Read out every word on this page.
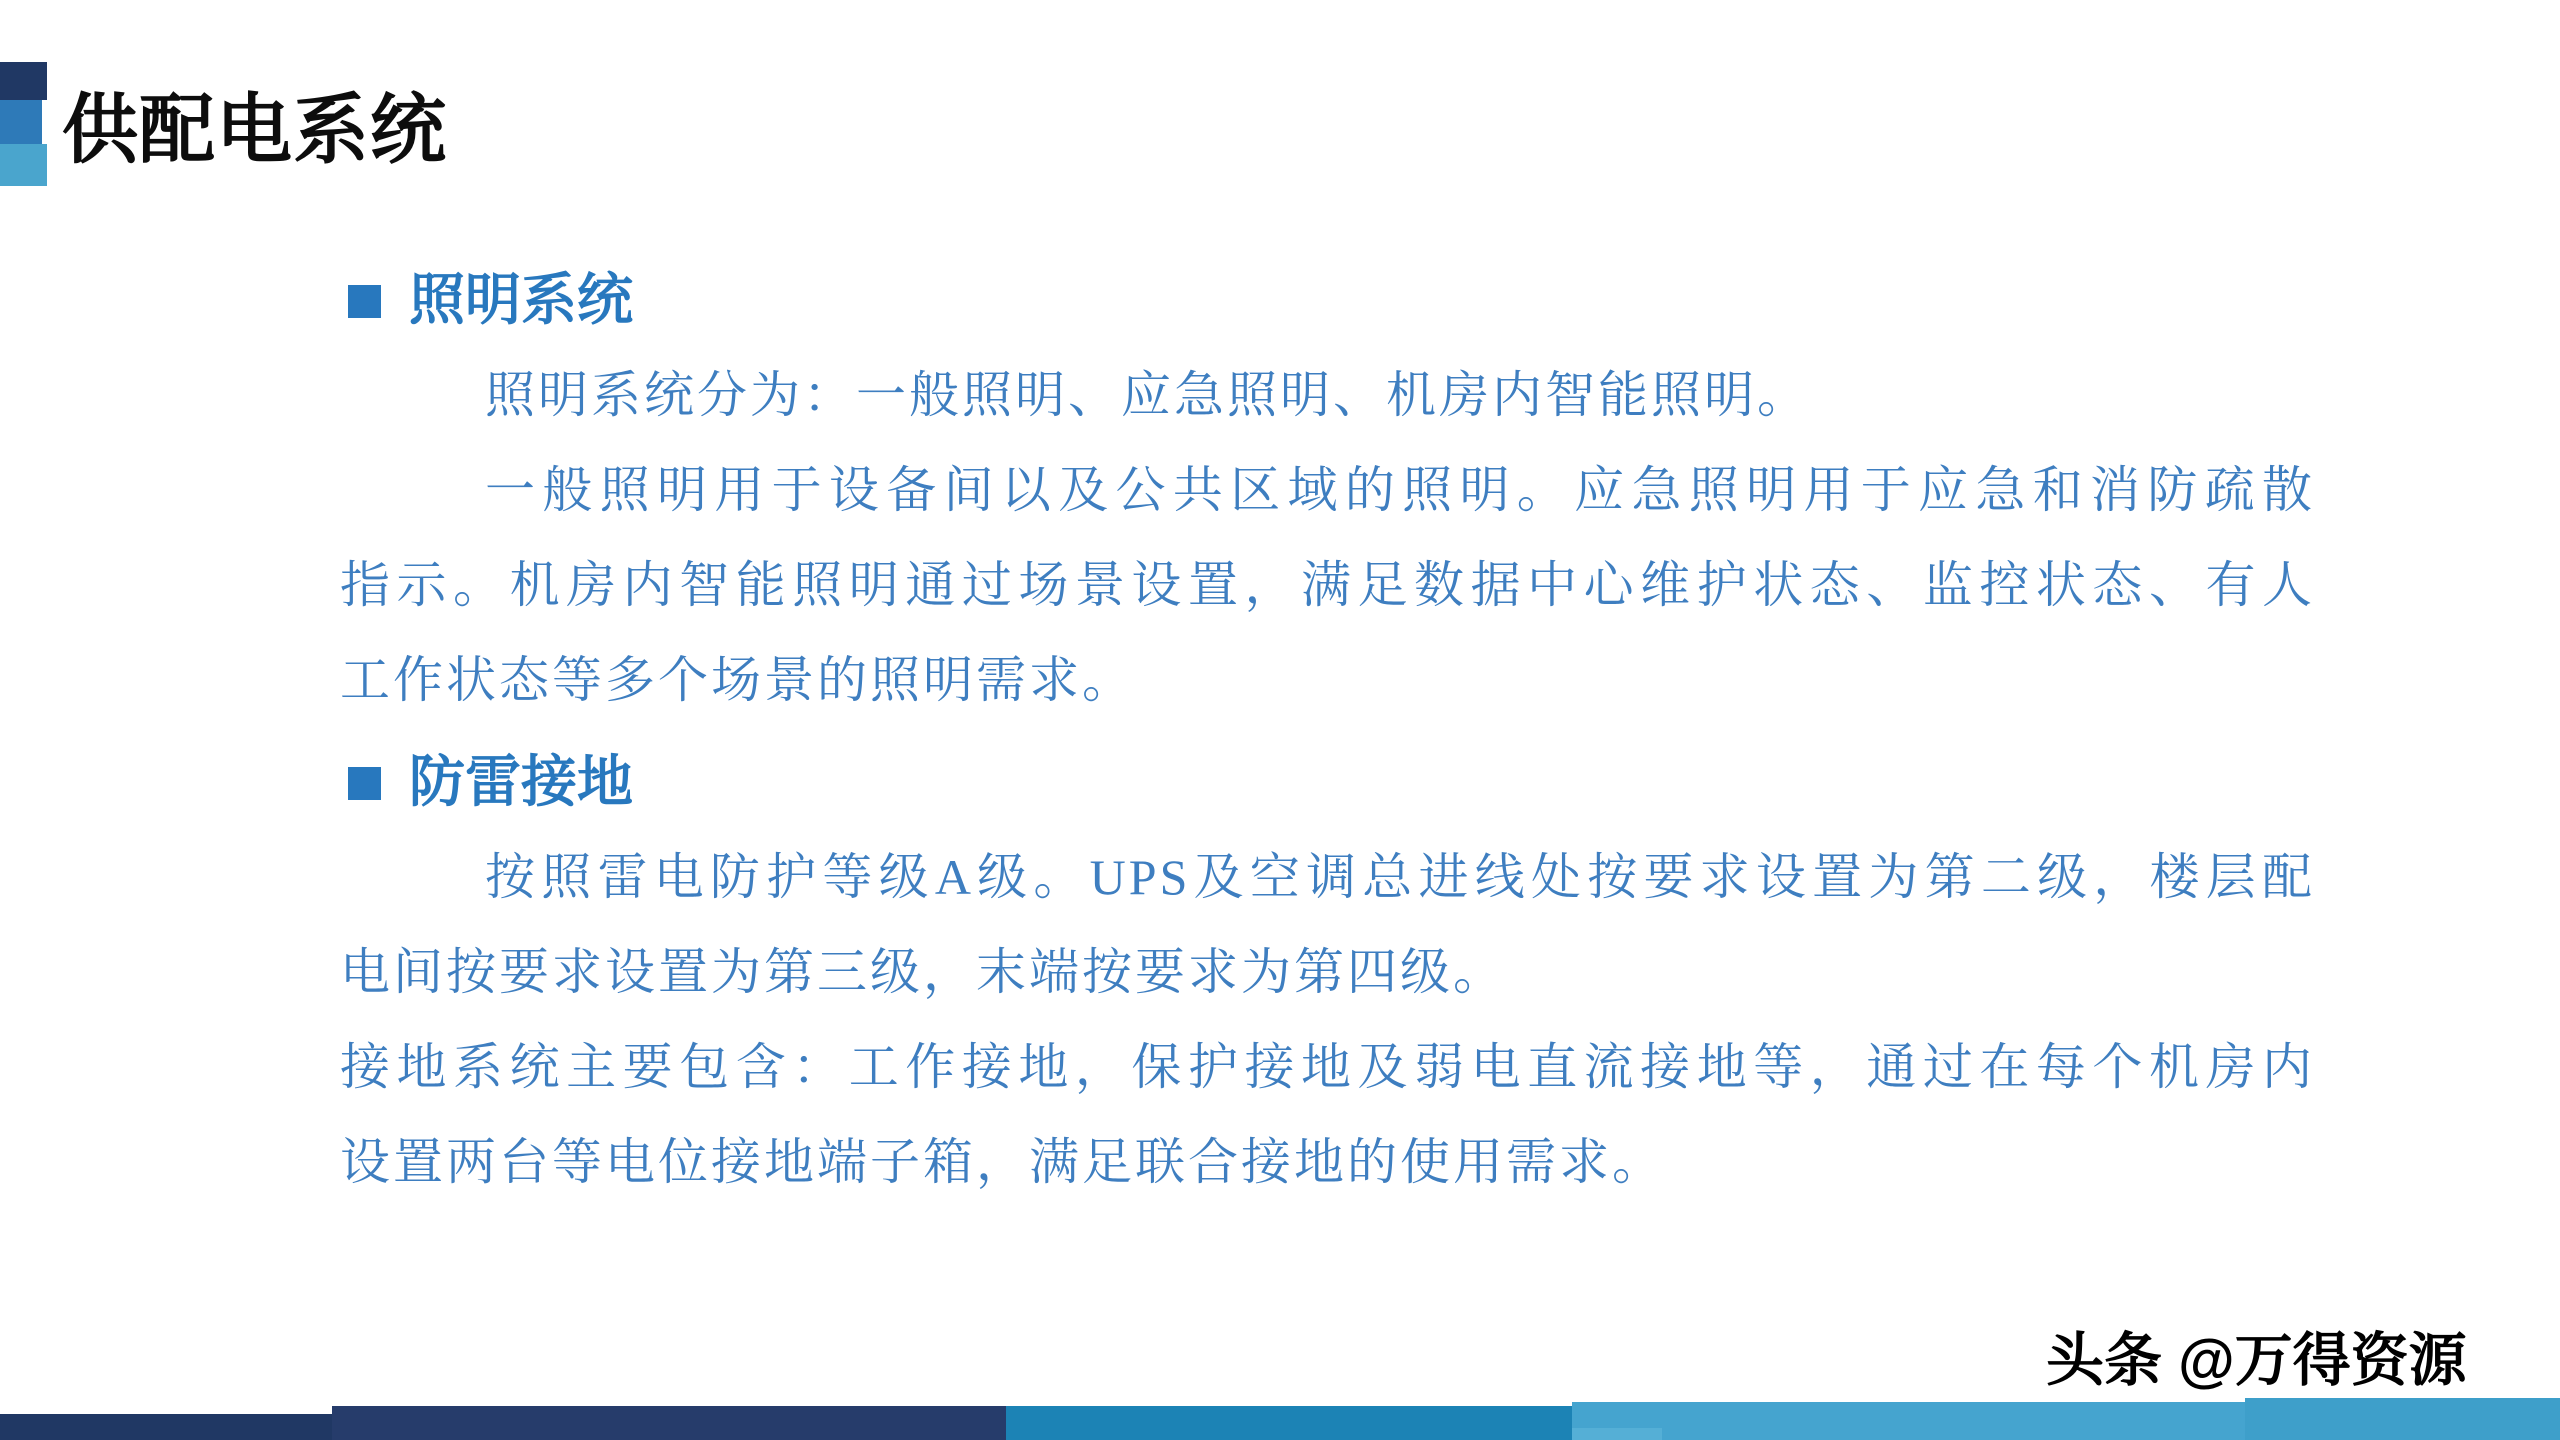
供配电系统
照明系统
照明系统分为：一般照明、应急照明、机房内智能照明。
一般照明用于设备间以及公共区域的照明。应急照明用于应急和消防疏散
指示。机房内智能照明通过场景设置，满足数据中心维护状态、监控状态、有人
工作状态等多个场景的照明需求。
防雷接地
按照雷电防护等级A级。UPS及空调总进线处按要求设置为第二级，楼层配
电间按要求设置为第三级，末端按要求为第四级。
接地系统主要包含：工作接地，保护接地及弱电直流接地等，通过在每个机房内
设置两台等电位接地端子箱，满足联合接地的使用需求。
头条 @万得资源
